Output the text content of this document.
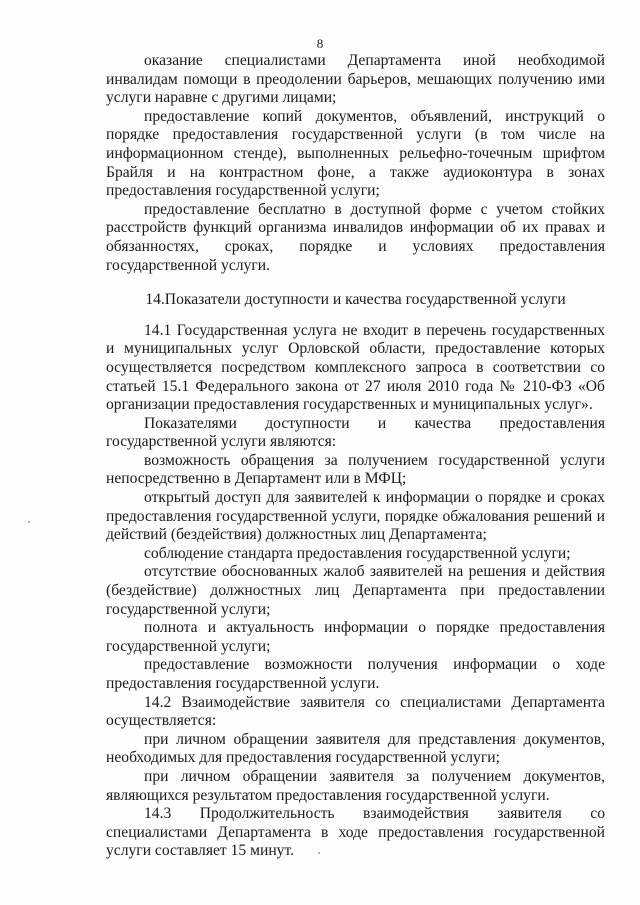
8

оказание специалистами Департамента иной необходимой инвалидам помощи в преодолении барьеров, мешающих получению ими услуги наравне с другими лицами;

предоставление копий документов, объявлений, инструкций о порядке предоставления государственной услуги (в том числе на информационном стенде), выполненных рельефно-точечным шрифтом Брайля и на контрастном фоне, а также аудиоконтура в зонах предоставления государственной услуги;

предоставление бесплатно в доступной форме с учетом стойких расстройств функций организма инвалидов информации об их правах и обязанностях, сроках, порядке и условиях предоставления государственной услуги.

14.Показатели доступности и качества государственной услуги

14.1 Государственная услуга не входит в перечень государственных и муниципальных услуг Орловской области, предоставление которых осуществляется посредством комплексного запроса в соответствии со статьей 15.1 Федерального закона от 27 июля 2010 года № 210-ФЗ «Об организации предоставления государственных и муниципальных услуг».

Показателями доступности и качества предоставления государственной услуги являются:

возможность обращения за получением государственной услуги непосредственно в Департамент или в МФЦ;

открытый доступ для заявителей к информации о порядке и сроках предоставления государственной услуги, порядке обжалования решений и действий (бездействия) должностных лиц Департамента;

соблюдение стандарта предоставления государственной услуги;

отсутствие обоснованных жалоб заявителей на решения и действия (бездействие) должностных лиц Департамента при предоставлении государственной услуги;

полнота и актуальность информации о порядке предоставления государственной услуги;

предоставление возможности получения информации о ходе предоставления государственной услуги.

14.2 Взаимодействие заявителя со специалистами Департамента осуществляется:

при личном обращении заявителя для представления документов, необходимых для предоставления государственной услуги;

при личном обращении заявителя за получением документов, являющихся результатом предоставления государственной услуги.

14.3 Продолжительность взаимодействия заявителя со специалистами Департамента в ходе предоставления государственной услуги составляет 15 минут.
